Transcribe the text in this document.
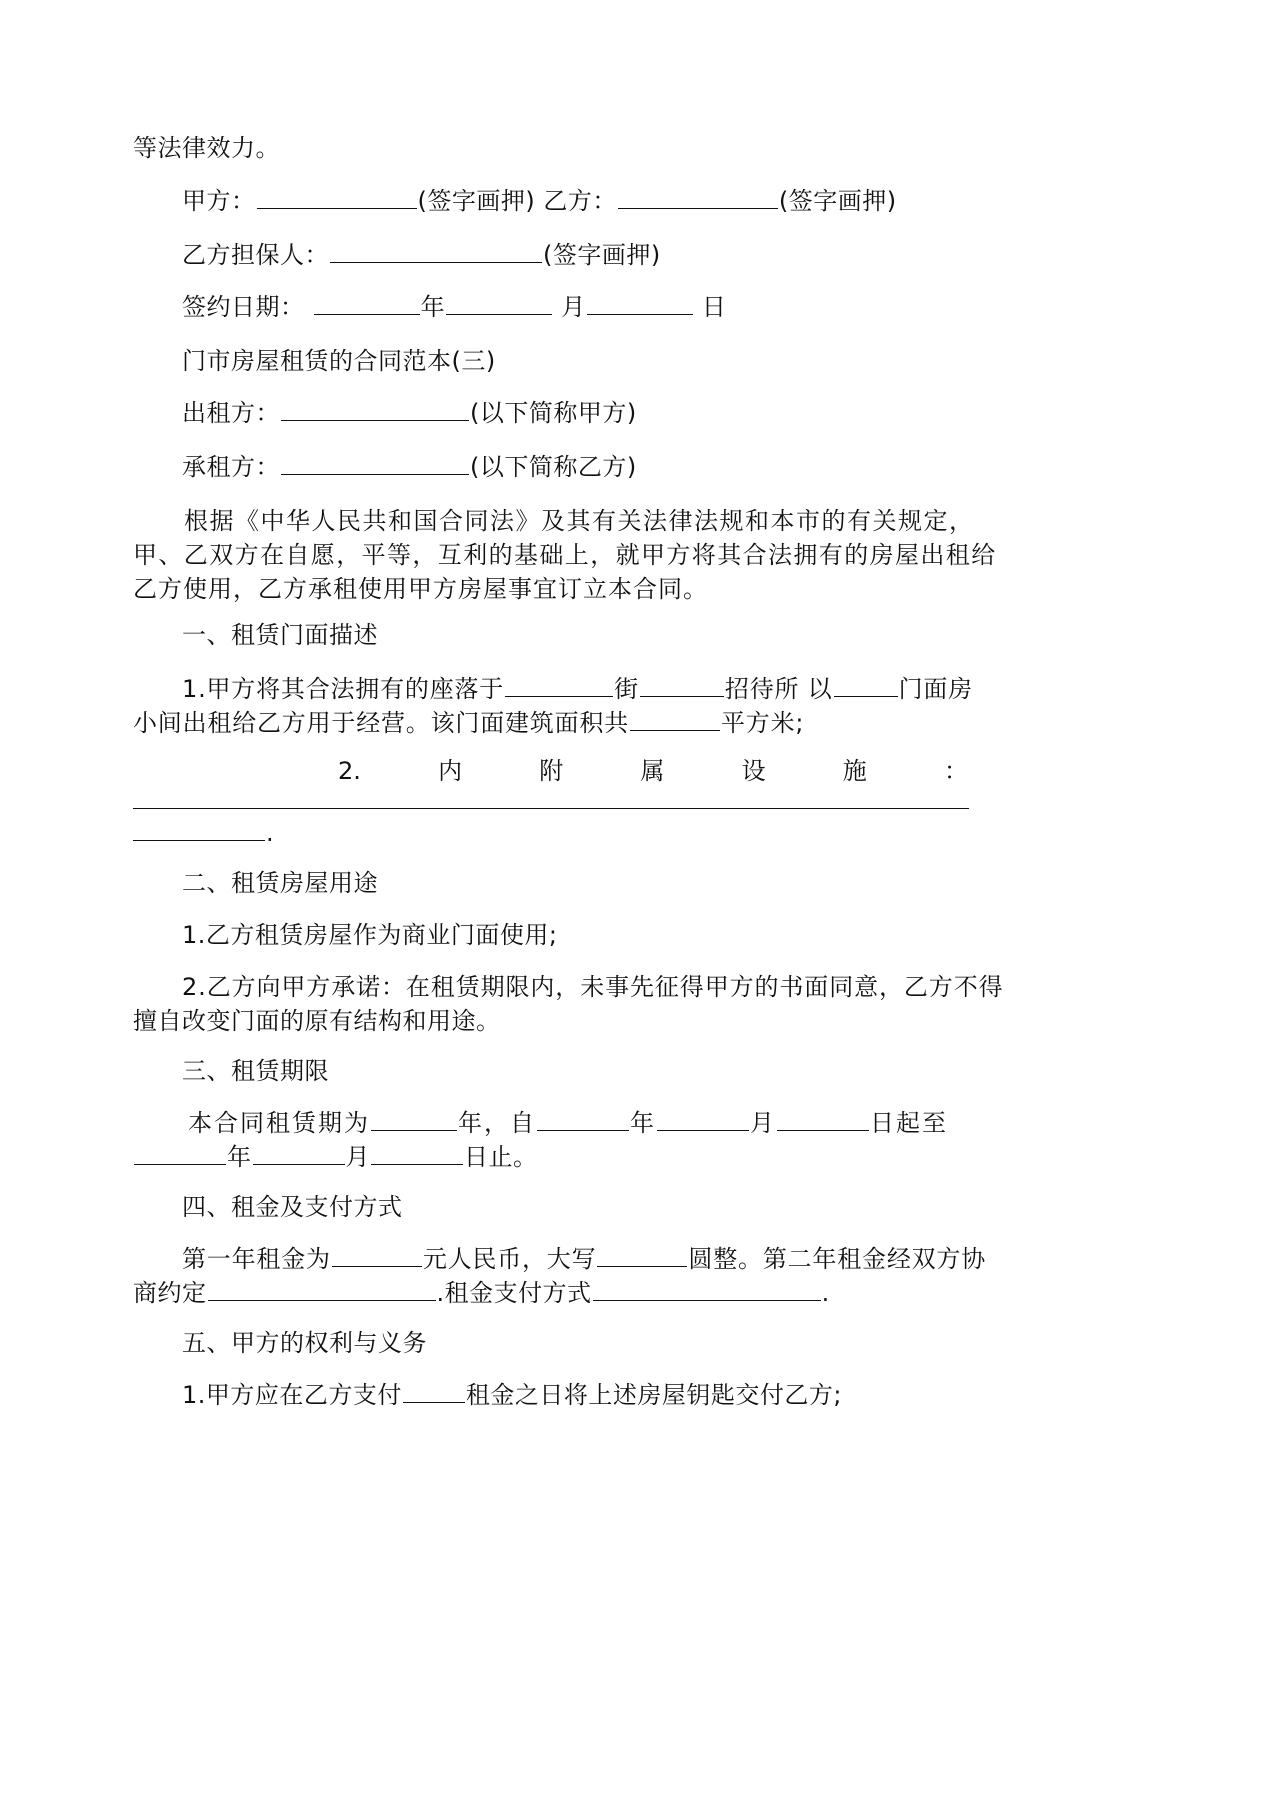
等法律效力。
甲方：	(签字画押) 乙方：	(签字画押)
乙方担保人：	(签字画押)
签约日期：	年	月	日
门市房屋租赁的合同范本(三)
出租方：	(以下简称甲方)
承租方：	(以下简称乙方)
根据《中华人民共和国合同法》及其有关法律法规和本市的有关规定，
甲、乙双方在自愿，平等，互利的基础上，就甲方将其合法拥有的房屋出租给
乙方使用，乙方承租使用甲方房屋事宜订立本合同。
一、租赁门面描述
1.甲方将其合法拥有的座落于	街	招待所 以	门面房
小间出租给乙方用于经营。该门面建筑面积共	平方米;
2.	内	附	属	设	施	：
.
二、租赁房屋用途
1.乙方租赁房屋作为商业门面使用;
2.乙方向甲方承诺：在租赁期限内，未事先征得甲方的书面同意，乙方不得
擅自改变门面的原有结构和用途。
三、租赁期限
本合同租赁期为	年，自	年	月	日起至
年	月	日止。
四、租金及支付方式
第一年租金为	元人民币，大写	圆整。第二年租金经双方协
商约定	.租金支付方式	.
五、甲方的权利与义务
1.甲方应在乙方支付	租金之日将上述房屋钥匙交付乙方;
